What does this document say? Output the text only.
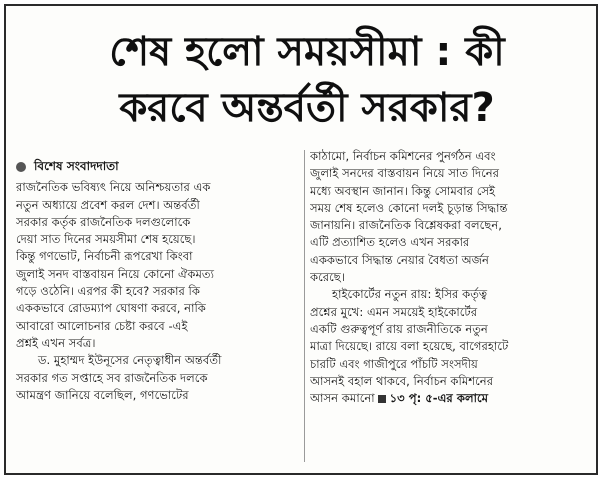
শেষ হলো সময়সীমা : কী
করবে অন্তর্বর্তী সরকার?
বিশেষ সংবাদদাতা
রাজনৈতিক ভবিষ্যৎ নিয়ে অনিশ্চয়তার এক
নতুন অধ্যায়ে প্রবেশ করল দেশ। অন্তর্বর্তী
সরকার কর্তৃক রাজনৈতিক দলগুলোকে
দেয়া সাত দিনের সময়সীমা শেষ হয়েছে।
কিন্তু গণভোট, নির্বাচনী রূপরেখা কিংবা
জুলাই সনদ বাস্তবায়ন নিয়ে কোনো ঐকমত্য
গড়ে ওঠেনি। এরপর কী হবে? সরকার কি
এককভাবে রোডম্যাপ ঘোষণা করবে, নাকি
আবারো আলোচনার চেষ্টা করবে -এই
প্রশ্নই এখন সর্বত্র।
ড. মুহাম্মদ ইউনূসের নেতৃত্বাধীন অন্তর্বর্তী
সরকার গত সপ্তাহে সব রাজনৈতিক দলকে
আমন্ত্রণ জানিয়ে বলেছিল, গণভোটের
কাঠামো, নির্বাচন কমিশনের পুনর্গঠন এবং
জুলাই সনদের বাস্তবায়ন নিয়ে সাত দিনের
মধ্যে অবস্থান জানান। কিন্তু সোমবার সেই
সময় শেষ হলেও কোনো দলই চূড়ান্ত সিদ্ধান্ত
জানায়নি। রাজনৈতিক বিশ্লেষকরা বলছেন,
এটি প্রত্যাশিত হলেও এখন সরকার
এককভাবে সিদ্ধান্ত নেয়ার বৈধতা অর্জন
করেছে।
হাইকোর্টের নতুন রায়: ইসির কর্তৃত্ব
প্রশ্নের মুখে: এমন সময়েই হাইকোর্টের
একটি গুরুত্বপূর্ণ রায় রাজনীতিকে নতুন
মাত্রা দিয়েছে। রায়ে বলা হয়েছে, বাগেরহাটে
চারটি এবং গাজীপুরে পাঁচটি সংসদীয়
আসনই বহাল থাকবে, নির্বাচন কমিশনের
আসন কমানো ১৩ পৃ: ৫-এর কলামে
